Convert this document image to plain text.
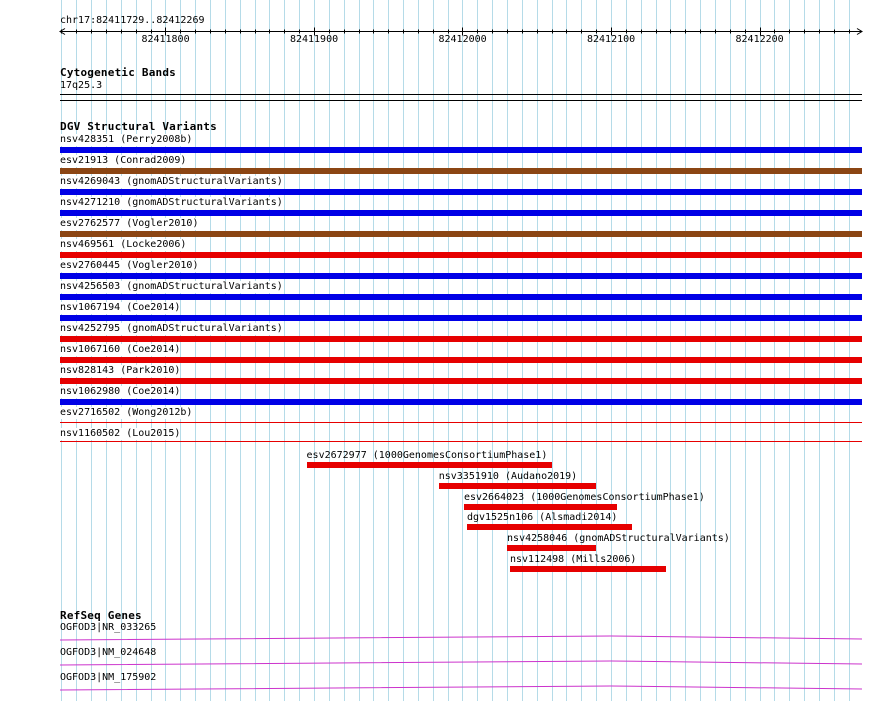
chr17:82411729..82412269
82411800	82411900	82412000	82412100	82412200
Cytogenetic Bands
17q25.3
DGV Structural Variants
nsv428351 (Perry2008b)
esv21913 (Conrad2009)
nsv4269043 (gnomADStructuralVariants)
nsv4271210 (gnomADStructuralVariants)
esv2762577 (Vogler2010)
nsv469561 (Locke2006)
esv2760445 (Vogler2010)
nsv4256503 (gnomADStructuralVariants)
nsv1067194 (Coe2014)
nsv4252795 (gnomADStructuralVariants)
nsv1067160 (Coe2014)
nsv828143 (Park2010)
nsv1062980 (Coe2014)
esv2716502 (Wong2012b)
nsv1160502 (Lou2015)
esv2672977 (1000GenomesConsortiumPhase1)
nsv3351910 (Audano2019)
esv2664023 (1000GenomesConsortiumPhase1)
dgv1525n106 (Alsmadi2014)
nsv4258046 (gnomADStructuralVariants)
nsv112498 (Mills2006)
RefSeq Genes
OGFOD3|NR_033265
OGFOD3|NM_024648
OGFOD3|NM_175902
